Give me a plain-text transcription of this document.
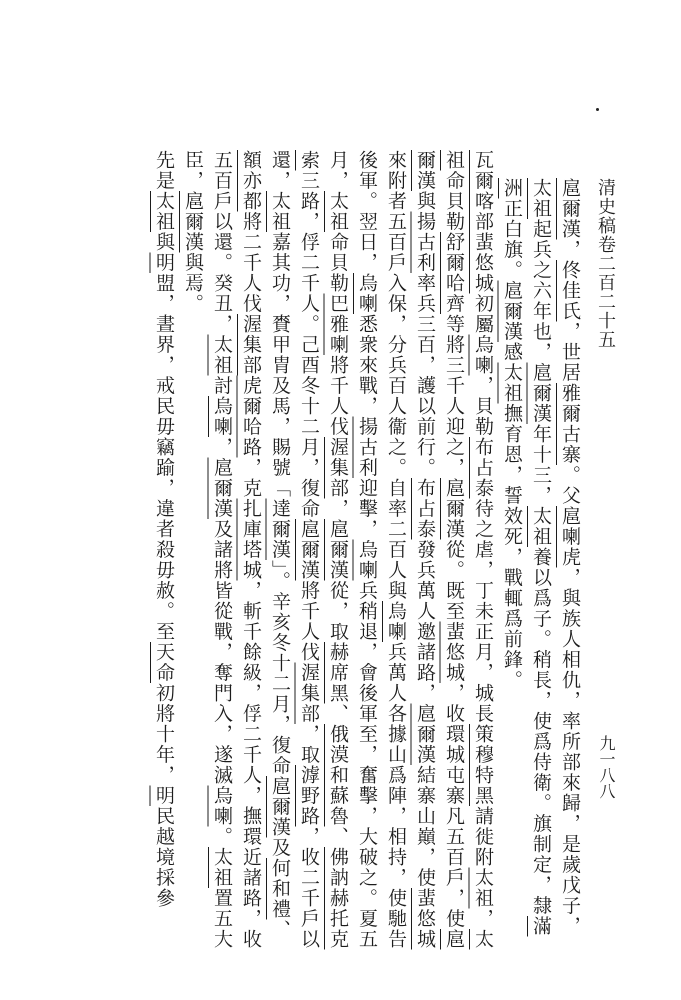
清史稿卷二百二十五
九一八八

扈爾漢，佟佳氏，世居雅爾古寨。父扈喇虎，與族人相仇，率所部來歸，是歲戊子，太祖起兵之六年也，扈爾漢年十三，太祖養以爲子。稍長，使爲侍衛。旗制定，隸滿洲正白旗。扈爾漢感太祖撫育恩，誓效死，戰輒爲前鋒。

瓦爾喀部蜚悠城初屬烏喇，貝勒布占泰待之虐，丁未正月，城長策穆特黑請徙附太祖，太祖命貝勒舒爾哈齊等將三千人迎之，扈爾漢從。既至蜚悠城，收環城屯寨凡五百戶，使扈爾漢與揚古利率兵三百，護以前行。布占泰發兵萬人邀諸路，扈爾漢結寨山巔，使蜚悠城來附者五百戶入保，分兵百人衞之。自率二百人與烏喇兵萬人各據山爲陣，相持，使馳告後軍。翌日，烏喇悉衆來戰，揚古利迎擊，烏喇兵稍退，會後軍至，奮擊，大破之。夏五月，太祖命貝勒巴雅喇將千人伐渥集部，扈爾漢從，取赫席黑、俄漠和蘇魯、佛訥赫托克索三路，俘二千人。己酉冬十二月，復命扈爾漢將千人伐渥集部，取滹野路，收二千戶以還，太祖嘉其功，賚甲胄及馬，賜號「達爾漢」。辛亥冬十二月，復命扈爾漢及何和禮、額亦都將二千人伐渥集部虎爾哈路，克扎庫塔城，斬千餘級，俘二千人，撫環近諸路，收五百戶以還。癸丑，太祖討烏喇，扈爾漢及諸將皆從戰，奪門入，遂滅烏喇。太祖置五大臣，扈爾漢與焉。

先是太祖與明盟，晝界，戒民毋竊踰，違者殺毋赦。至天命初將十年，明民越境採參
